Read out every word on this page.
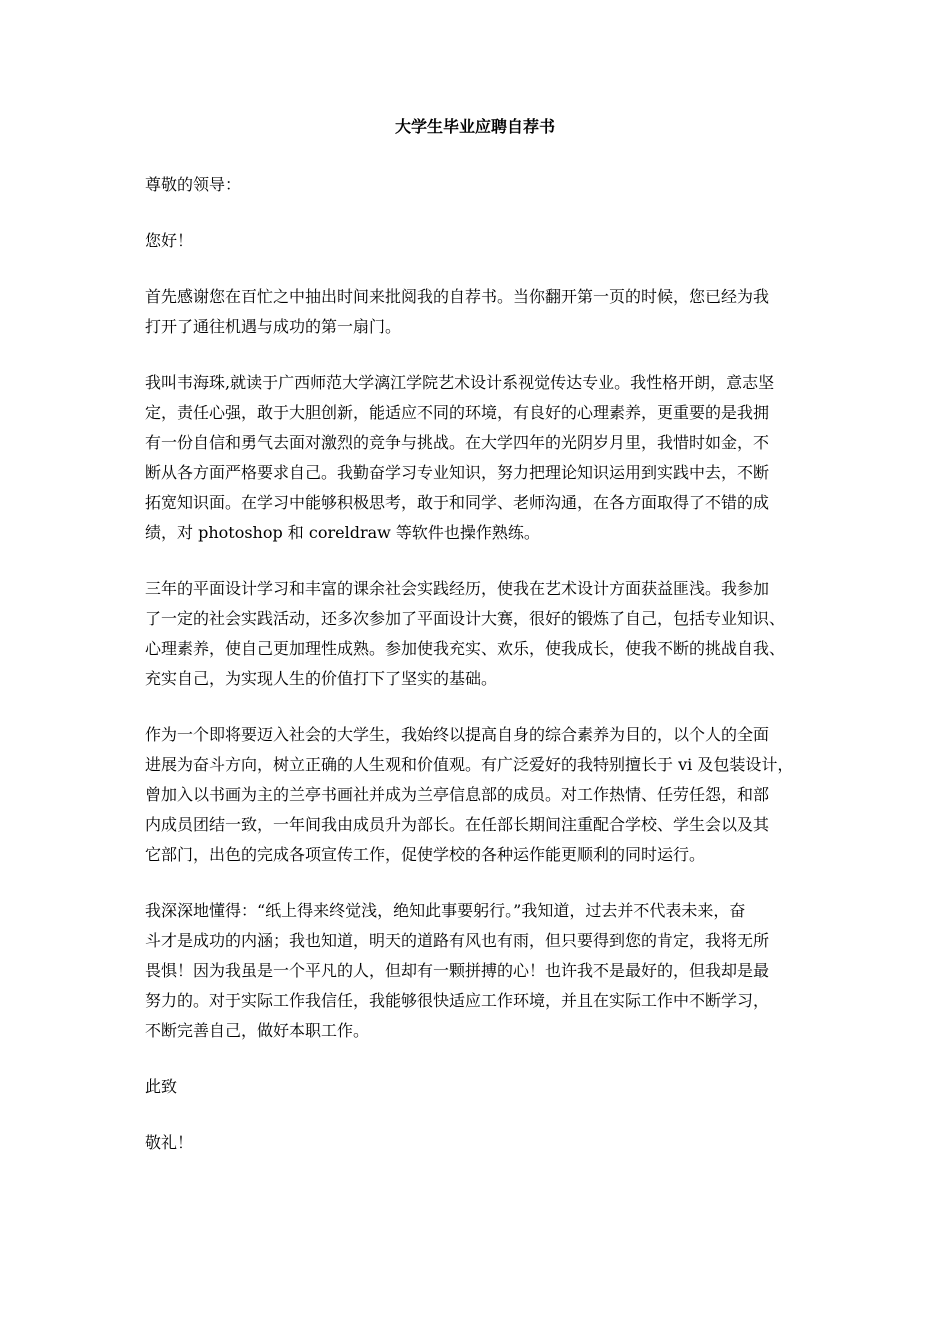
大学生毕业应聘自荐书
尊敬的领导：
您好！
首先感谢您在百忙之中抽出时间来批阅我的自荐书。当你翻开第一页的时候，您已经为我
打开了通往机遇与成功的第一扇门。
我叫韦海珠,就读于广西师范大学漓江学院艺术设计系视觉传达专业。我性格开朗，意志坚
定，责任心强，敢于大胆创新，能适应不同的环境，有良好的心理素养，更重要的是我拥
有一份自信和勇气去面对激烈的竞争与挑战。在大学四年的光阴岁月里，我惜时如金，不
断从各方面严格要求自己。我勤奋学习专业知识，努力把理论知识运用到实践中去，不断
拓宽知识面。在学习中能够积极思考，敢于和同学、老师沟通，在各方面取得了不错的成
绩，对 photoshop 和 coreldraw 等软件也操作熟练。
三年的平面设计学习和丰富的课余社会实践经历，使我在艺术设计方面获益匪浅。我参加
了一定的社会实践活动，还多次参加了平面设计大赛，很好的锻炼了自己，包括专业知识、
心理素养，使自己更加理性成熟。参加使我充实、欢乐，使我成长，使我不断的挑战自我、
充实自己，为实现人生的价值打下了坚实的基础。
作为一个即将要迈入社会的大学生，我始终以提高自身的综合素养为目的，以个人的全面
进展为奋斗方向，树立正确的人生观和价值观。有广泛爱好的我特别擅长于 vi 及包装设计，
曾加入以书画为主的兰亭书画社并成为兰亭信息部的成员。对工作热情、任劳任怨，和部
内成员团结一致，一年间我由成员升为部长。在任部长期间注重配合学校、学生会以及其
它部门，出色的完成各项宣传工作，促使学校的各种运作能更顺利的同时运行。
我深深地懂得：“纸上得来终觉浅，绝知此事要躬行。”我知道，过去并不代表未来，奋
斗才是成功的内涵；我也知道，明天的道路有风也有雨，但只要得到您的肯定，我将无所
畏惧！因为我虽是一个平凡的人，但却有一颗拼搏的心！也许我不是最好的，但我却是最
努力的。对于实际工作我信任，我能够很快适应工作环境，并且在实际工作中不断学习，
不断完善自己，做好本职工作。
此致
敬礼！
